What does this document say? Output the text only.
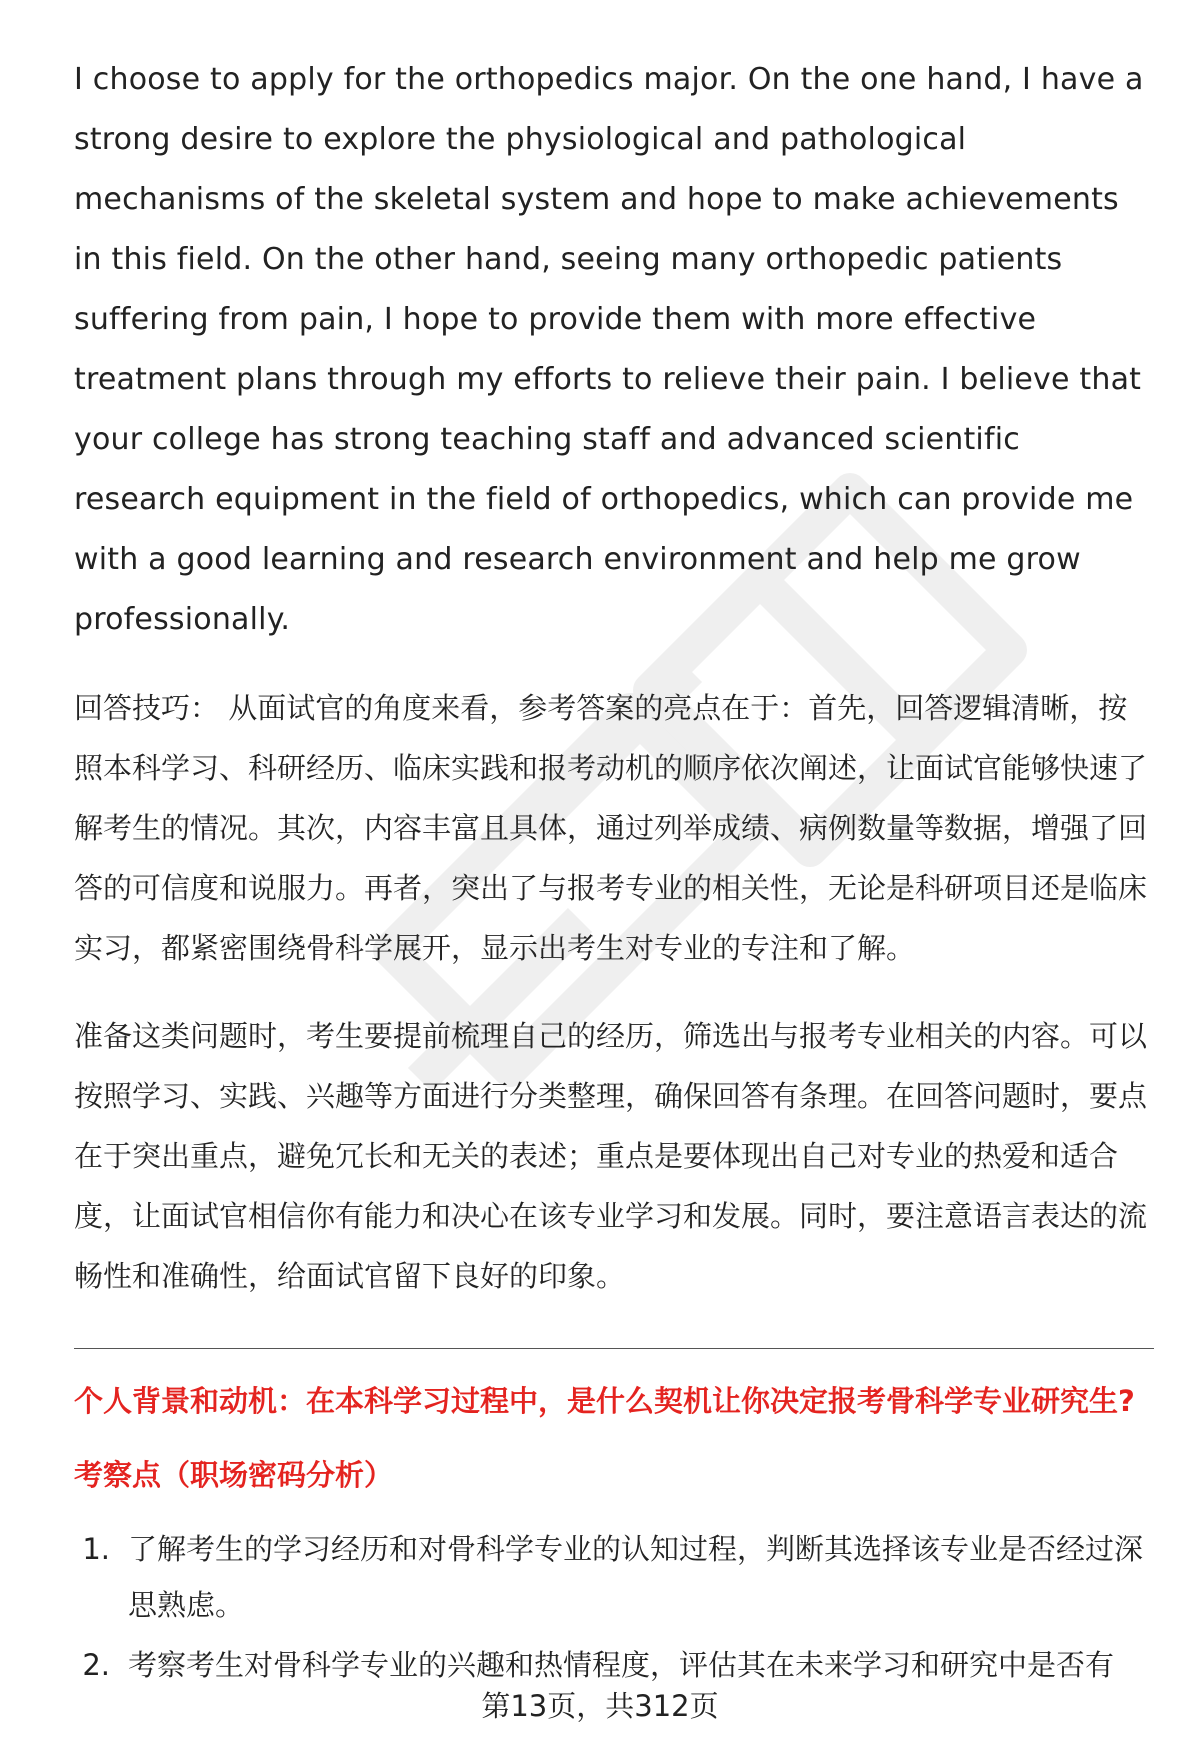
I choose to apply for the orthopedics major. On the one hand, I have a strong desire to explore the physiological and pathological mechanisms of the skeletal system and hope to make achievements in this field. On the other hand, seeing many orthopedic patients suffering from pain, I hope to provide them with more effective treatment plans through my efforts to relieve their pain. I believe that your college has strong teaching staff and advanced scientific research equipment in the field of orthopedics, which can provide me with a good learning and research environment and help me grow professionally.

回答技巧： 从面试官的角度来看，参考答案的亮点在于：首先，回答逻辑清晰，按照本科学习、科研经历、临床实践和报考动机的顺序依次阐述，让面试官能够快速了解考生的情况。其次，内容丰富且具体，通过列举成绩、病例数量等数据，增强了回答的可信度和说服力。再者，突出了与报考专业的相关性，无论是科研项目还是临床实习，都紧密围绕骨科学展开，显示出考生对专业的专注和了解。

准备这类问题时，考生要提前梳理自己的经历，筛选出与报考专业相关的内容。可以按照学习、实践、兴趣等方面进行分类整理，确保回答有条理。在回答问题时，要点在于突出重点，避免冗长和无关的表述；重点是要体现出自己对专业的热爱和适合度，让面试官相信你有能力和决心在该专业学习和发展。同时，要注意语言表达的流畅性和准确性，给面试官留下良好的印象。

个人背景和动机：在本科学习过程中，是什么契机让你决定报考骨科学专业研究生?
考察点（职场密码分析）
1. 了解考生的学习经历和对骨科学专业的认知过程，判断其选择该专业是否经过深思熟虑。
2. 考察考生对骨科学专业的兴趣和热情程度，评估其在未来学习和研究中是否有
第13页，共312页
